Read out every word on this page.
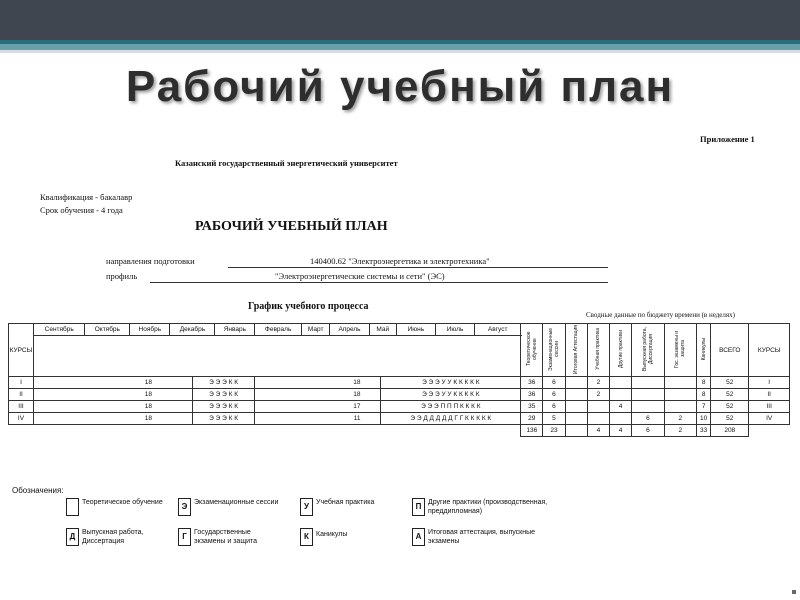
Рабочий учебный план
Приложение 1
Казанский государственный энергетический университет
Квалификация - бакалавр
Срок обучения - 4 года
РАБОЧИЙ УЧЕБНЫЙ ПЛАН
направления подготовки	140400.62 "Электроэнергетика и электротехника"
профиль	"Электроэнергетические системы и сети" (ЭС)
График учебного процесса
Сводные данные по бюджету времени (в неделях)
КУРСЫ	Сентябрь	Октябрь	Ноябрь	Декабрь		Январь	Февраль	Март	Апрель	Май		Июнь	Июль	Август	Теоретическое обучение	Экзаменационные сессии	Итоговая Аттестация	Учебная практика	Другие практики	Выпускная работа, Диссертация	Гос. экзамены и защита	Каникулы	ВСЕГО	КУРСЫ

I	18				Э Э Э К К		18				Э Э Э У У К К К К К				36	6		2				8	52	I
II	18				Э Э Э К К		18				Э Э Э У У К К К К К				36	6		2				8	52	II
III	18				Э Э Э К К		17				Э Э Э П П П К К К К				35	6			4			7	52	III
IV	18				Э Э Э К К		11				Э Э Д Д Д Д Д Г Г К К К К К				29	5				6	2	10	52	IV
															136	23		4	4	6	2	33	208	
Обозначения:
Теоретическое обучение	Э Экзаменационные сессии	У	Учебная практика	П Другие практики (производственная, преддипломная)
Д Выпускная работа, Диссертация
Г	Государственные экзамены и защита
К	Каникулы	А Итоговая аттестация, выпускные экзамены
